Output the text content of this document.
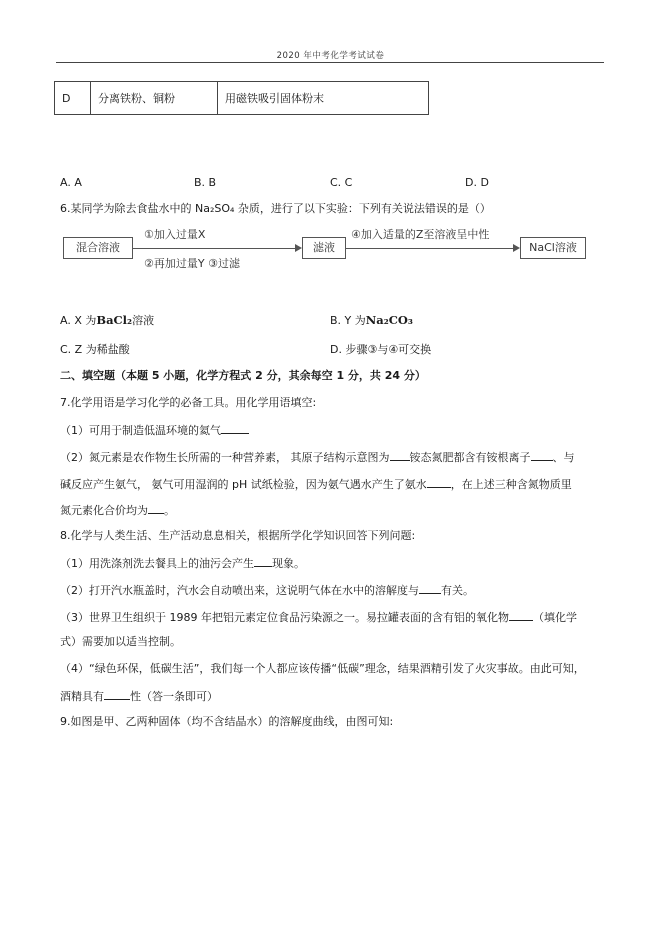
2020 年中考化学考试试卷
D	分离铁粉、铜粉	用磁铁吸引固体粉末
A. A	B. B	C. C	D. D
6.某同学为除去食盐水中的 Na₂SO₄ 杂质，进行了以下实验：下列有关说法错误的是（）
混合溶液
①加入过量X
②再加过量Y ③过滤
滤液
④加入适量的Z至溶液呈中性
NaCl溶液
A. X 为BaCl₂溶液	B. Y 为Na₂CO₃
C. Z 为稀盐酸	D. 步骤③与④可交换
二、填空题（本题 5 小题，化学方程式 2 分，其余每空 1 分，共 24 分）
7.化学用语是学习化学的必备工具。用化学用语填空:
（1）可用于制造低温环境的氦气
（2）氮元素是农作物生长所需的一种营养素， 其原子结构示意图为 铵态氮肥都含有铵根离子 、与
碱反应产生氨气， 氨气可用湿润的 pH 试纸检验，因为氨气遇水产生了氨水 ，在上述三种含氮物质里
氮元素化合价均为 。
8.化学与人类生活、生产活动息息相关，根据所学化学知识回答下列问题:
（1）用洗涤剂洗去餐具上的油污会产生 现象。
（2）打开汽水瓶盖时，汽水会自动喷出来，这说明气体在水中的溶解度与 有关。
（3）世界卫生组织于 1989 年把铝元素定位食品污染源之一。易拉罐表面的含有铝的氧化物 （填化学
式）需要加以适当控制。
（4）“绿色环保，低碳生活”，我们每一个人都应该传播“低碳”理念，结果酒精引发了火灾事故。由此可知，
酒精具有 性（答一条即可）
9.如图是甲、乙两种固体（均不含结晶水）的溶解度曲线，由图可知:
